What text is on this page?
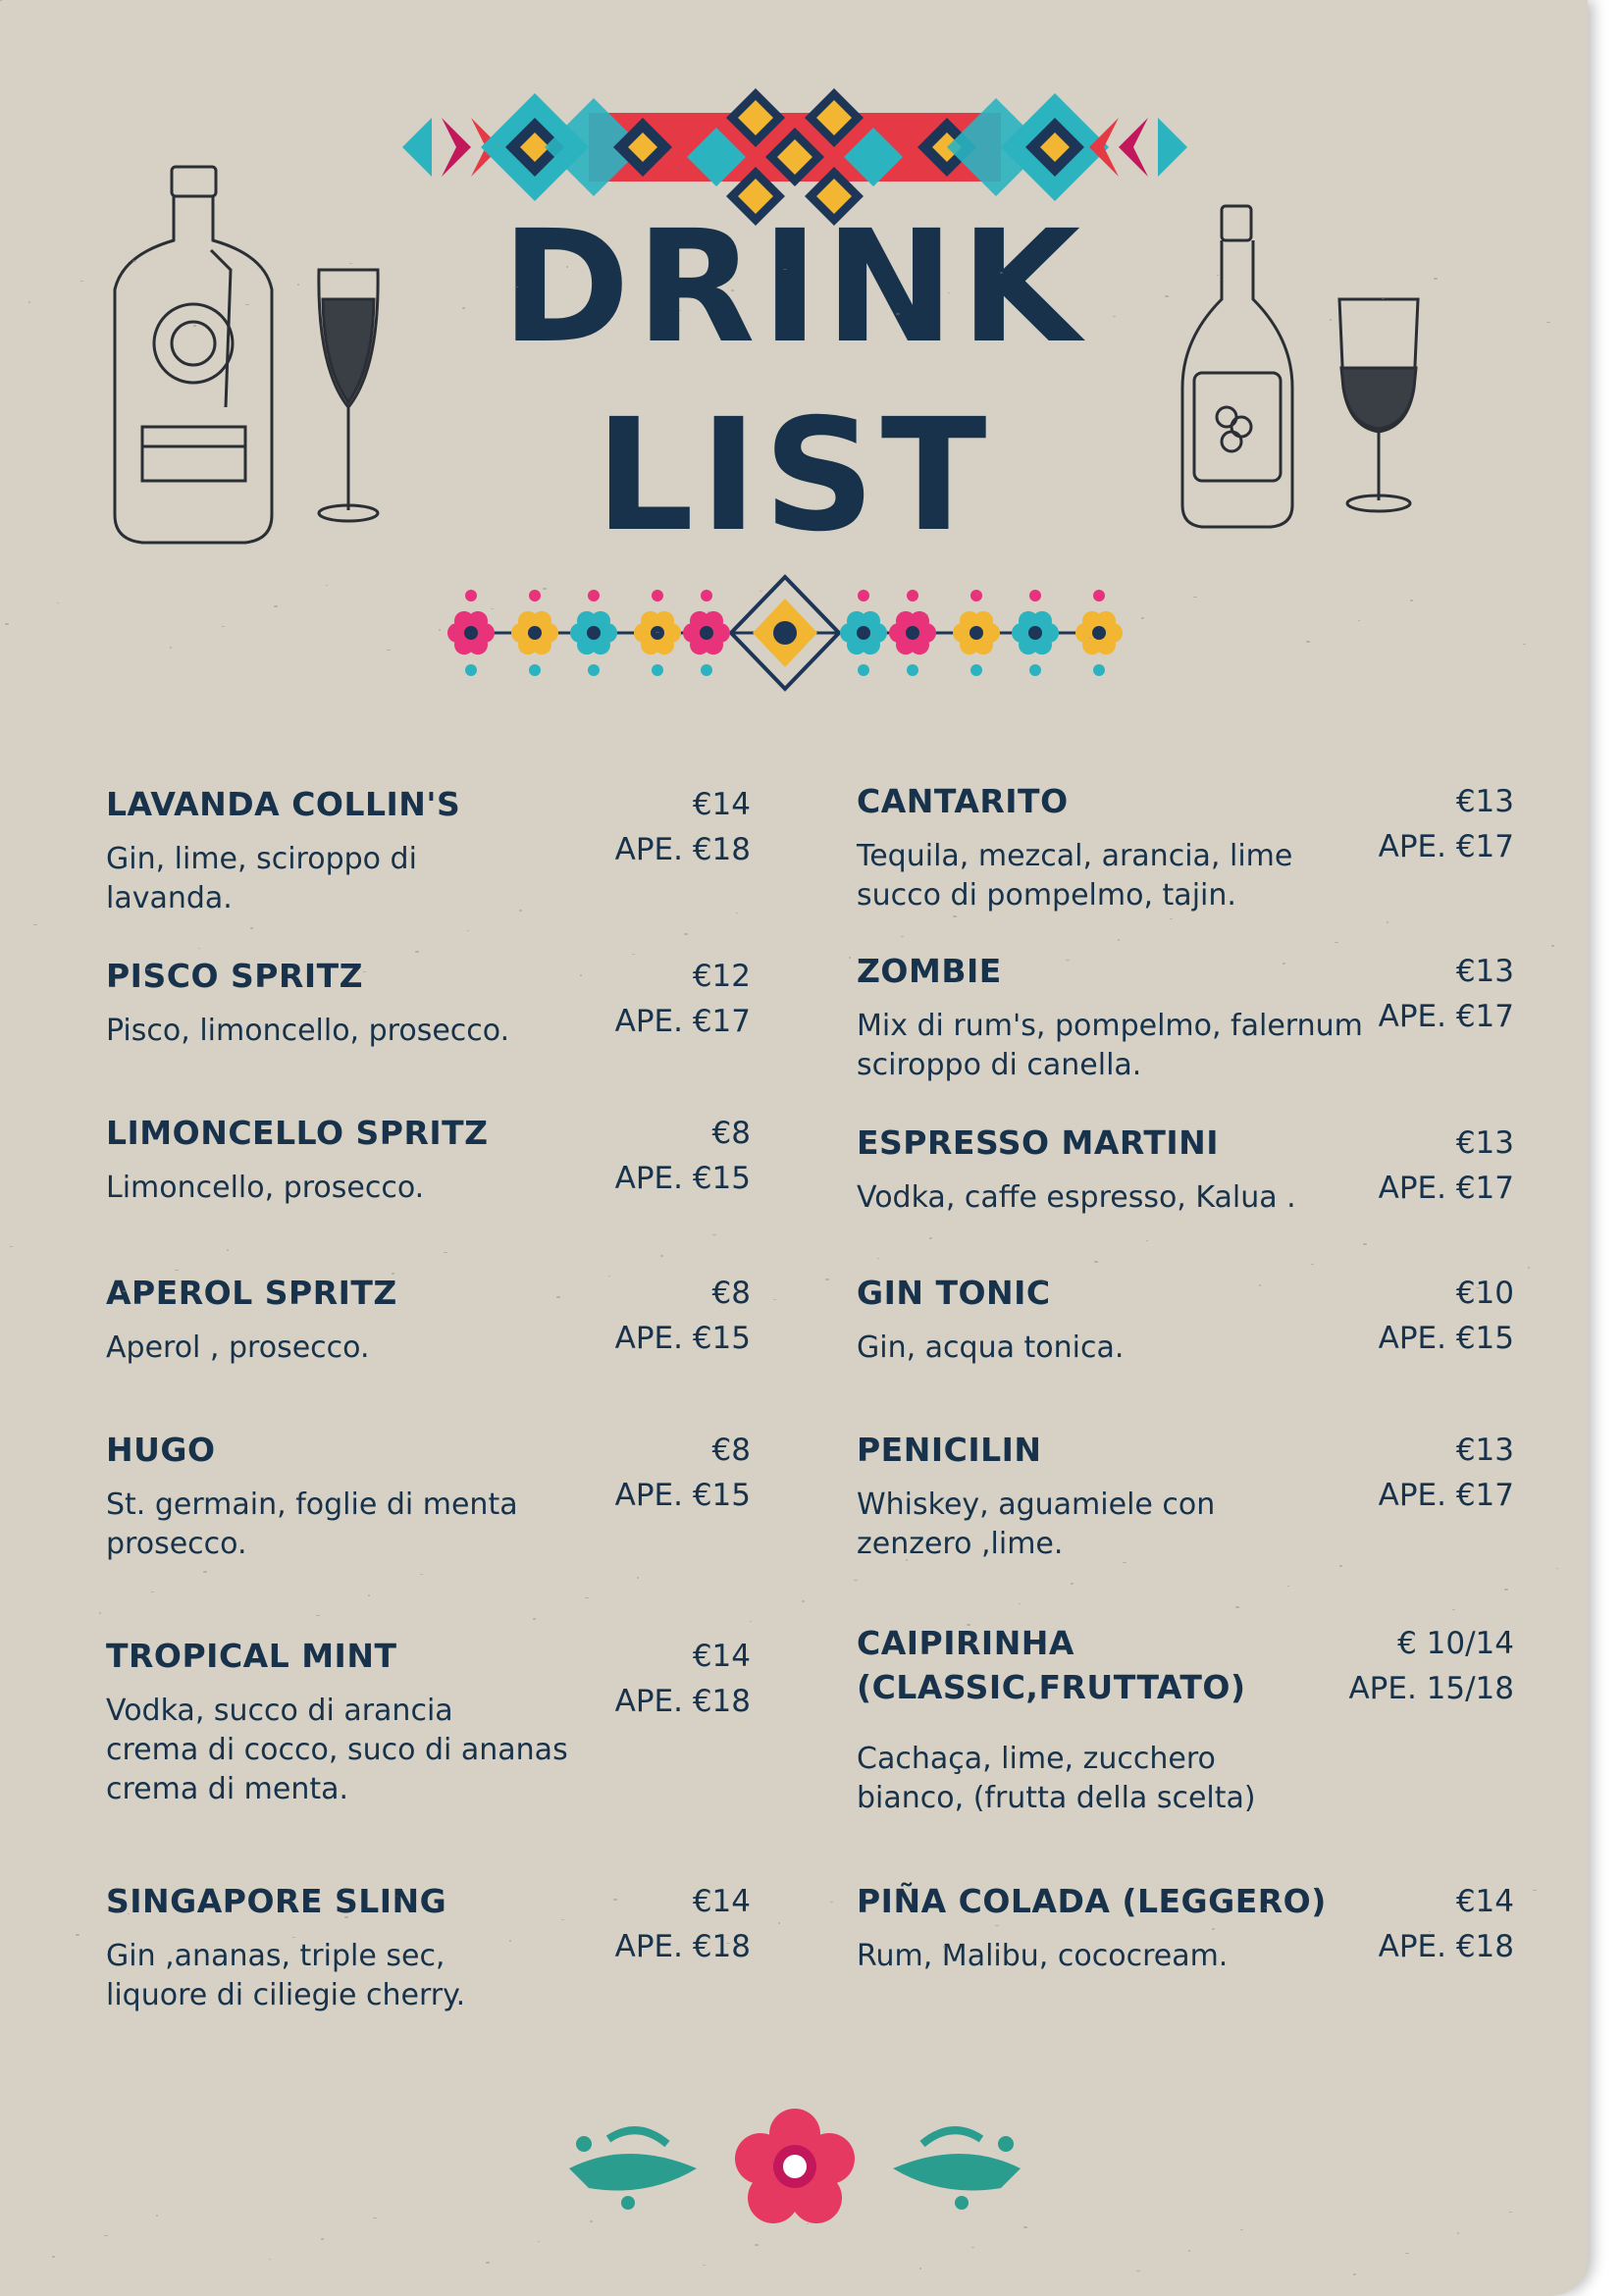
DRINK
LIST
LAVANDA COLLIN'S
Gin, lime, sciroppo di
lavanda.
€14
APE. €18
PISCO SPRITZ
Pisco, limoncello, prosecco.
€12
APE. €17
LIMONCELLO SPRITZ
Limoncello, prosecco.
€8
APE. €15
APEROL SPRITZ
Aperol , prosecco.
€8
APE. €15
HUGO
St. germain, foglie di menta
prosecco.
€8
APE. €15
TROPICAL MINT
Vodka, succo di arancia
crema di cocco, suco di ananas
crema di menta.
€14
APE. €18
SINGAPORE SLING
Gin ,ananas, triple sec,
liquore di ciliegie cherry.
€14
APE. €18
CANTARITO
Tequila, mezcal, arancia, lime
succo di pompelmo, tajin.
€13
APE. €17
ZOMBIE
Mix di rum's, pompelmo, falernum
sciroppo di canella.
€13
APE. €17
ESPRESSO MARTINI
Vodka, caffe espresso, Kalua .
€13
APE. €17
GIN TONIC
Gin, acqua tonica.
€10
APE. €15
PENICILIN
Whiskey, aguamiele con
zenzero ,lime.
€13
APE. €17
CAIPIRINHA
(CLASSIC,FRUTTATO)
Cachaça, lime, zucchero
bianco, (frutta della scelta)
€ 10/14
APE. 15/18
PIÑA COLADA (LEGGERO)
Rum, Malibu, cococream.
€14
APE. €18
